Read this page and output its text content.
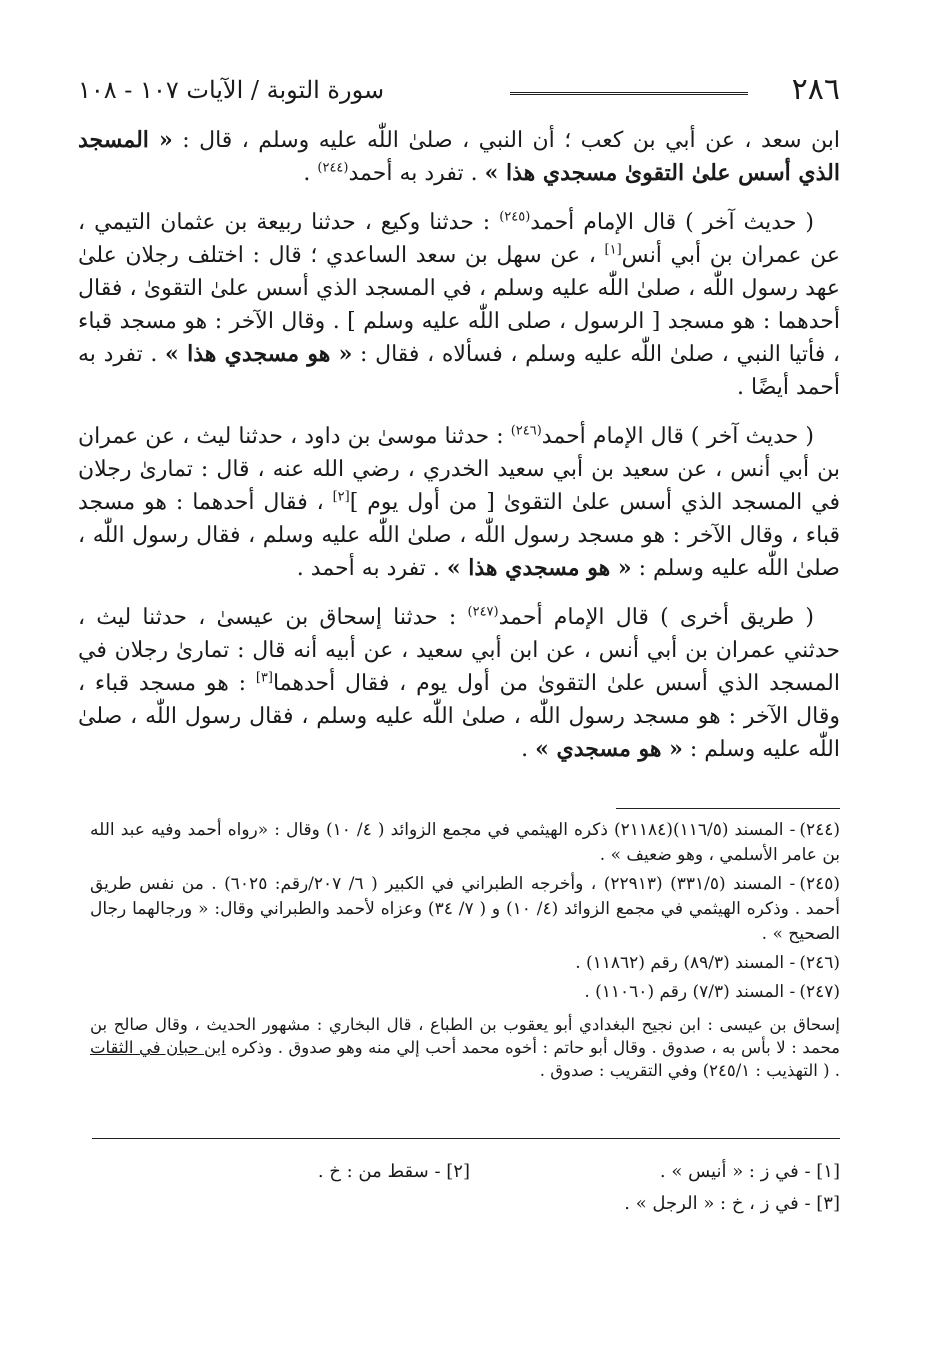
٢٨٦
سورة التوبة / الآيات ١٠٧ - ١٠٨

ابن سعد ، عن أبي بن كعب ؛ أن النبي ، صلىٰ اللّٰه عليه وسلم ، قال : « المسجد الذي أسس علىٰ التقوىٰ مسجدي هذا » . تفرد به أحمد$^{(٢٤٤)}$ .

( حديث آخر ) قال الإمام أحمد$^{(٢٤٥)}$ : حدثنا وكيع ، حدثنا ربيعة بن عثمان التيمي ، عن عمران بن أبي أنس[١] ، عن سهل بن سعد الساعدي ؛ قال : اختلف رجلان علىٰ عهد رسول اللّٰه ، صلىٰ اللّٰه عليه وسلم ، في المسجد الذي أسس علىٰ التقوىٰ ، فقال أحدهما : هو مسجد [ الرسول ، صلى اللّٰه عليه وسلم ] . وقال الآخر : هو مسجد قباء ، فأتيا النبي ، صلىٰ اللّٰه عليه وسلم ، فسألاه ، فقال : « هو مسجدي هذا » . تفرد به أحمد أيضًا .

( حديث آخر ) قال الإمام أحمد$^{(٢٤٦)}$ : حدثنا موسىٰ بن داود ، حدثنا ليث ، عن عمران بن أبي أنس ، عن سعيد بن أبي سعيد الخدري ، رضي الله عنه ، قال : تمارىٰ رجلان في المسجد الذي أسس علىٰ التقوىٰ [ من أول يوم ][٢] ، فقال أحدهما : هو مسجد قباء ، وقال الآخر : هو مسجد رسول اللّٰه ، صلىٰ اللّٰه عليه وسلم ، فقال رسول اللّٰه ، صلىٰ اللّٰه عليه وسلم : « هو مسجدي هذا » . تفرد به أحمد .

( طريق أخرى ) قال الإمام أحمد$^{(٢٤٧)}$ : حدثنا إسحاق بن عيسىٰ ، حدثنا ليث ، حدثني عمران بن أبي أنس ، عن ابن أبي سعيد ، عن أبيه أنه قال : تمارىٰ رجلان في المسجد الذي أسس علىٰ التقوىٰ من أول يوم ، فقال أحدهما[٣] : هو مسجد قباء ، وقال الآخر : هو مسجد رسول اللّٰه ، صلىٰ اللّٰه عليه وسلم ، فقال رسول اللّٰه ، صلىٰ اللّٰه عليه وسلم : « هو مسجدي » .

(٢٤٤)- المسند (١١٦/٥)(٢١١٨٤) ذكره الهيثمي في مجمع الزوائد ( ٤/ ١٠) وقال : «رواه أحمد وفيه عبد الله بن عامر الأسلمي ، وهو ضعيف » .

(٢٤٥)- المسند (٣٣١/٥) (٢٢٩١٣) ، وأخرجه الطبراني في الكبير ( ٦/ ٢٠٧/رقم: ٦٠٢٥) . من نفس طريق أحمد . وذكره الهيثمي في مجمع الزوائد (٤/ ١٠) و ( ٧/ ٣٤) وعزاه لأحمد والطبراني وقال: « ورجالهما رجال الصحيح » .

(٢٤٦)- المسند (٨٩/٣) رقم (١١٨٦٢) .

(٢٤٧)- المسند (٧/٣) رقم (١١٠٦٠) .

إسحاق بن عيسى : ابن نجيح البغدادي أبو يعقوب بن الطباع ، قال البخاري : مشهور الحديث ، وقال صالح بن محمد : لا بأس به ، صدوق . وقال أبو حاتم : أخوه محمد أحب إلي منه وهو صدوق . وذكره ابن حبان في الثقات . ( التهذيب : ٢٤٥/١) وفي التقريب : صدوق .

[١] - في ز : « أنيس » .
[٢] - سقط من : خ .
[٣] - في ز ، خ : « الرجل » .
